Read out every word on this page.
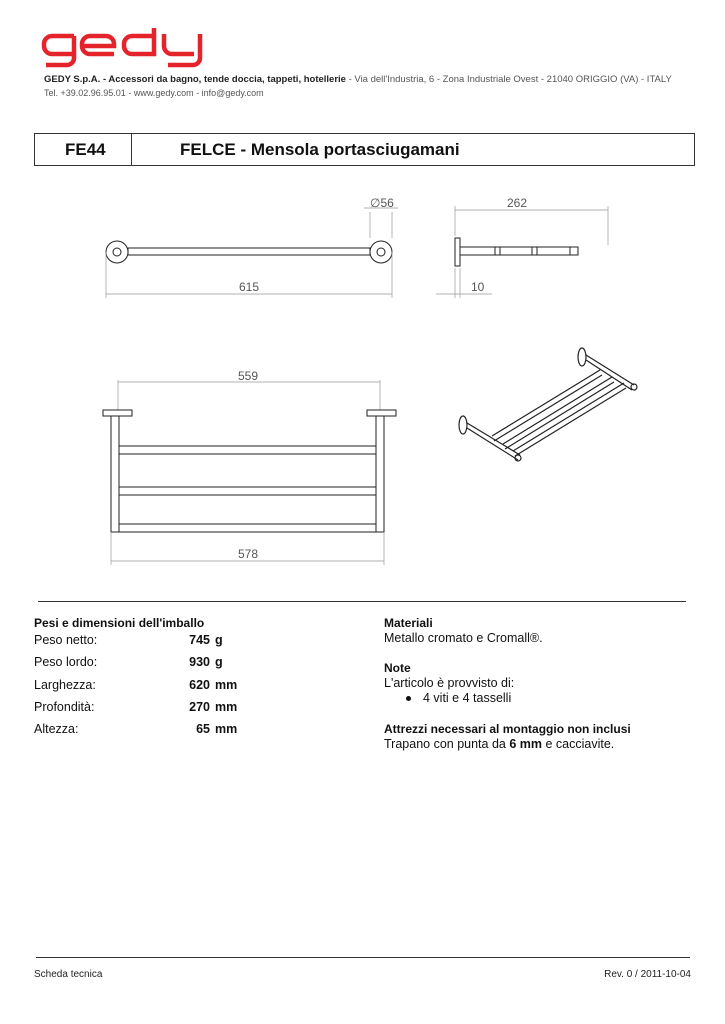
GEDY S.p.A. - Accessori da bagno, tende doccia, tappeti, hotellerie - Via dell'Industria, 6 - Zona Industriale Ovest - 21040 ORIGGIO (VA) - ITALY
Tel. +39.02.96.95.01 - www.gedy.com - info@gedy.com
FE44	FELCE - Mensola portasciugamani
∅56
615
262
10
559
578
Pesi e dimensioni dell'imballo
Peso netto:	745 g
Peso lordo:	930 g
Larghezza:	620 mm
Profondità:	270 mm
Altezza:	65 mm
Materiali
Metallo cromato e Cromall®.
Note
L'articolo è provvisto di:
4 viti e 4 tasselli
Attrezzi necessari al montaggio non inclusi
Trapano con punta da 6 mm e cacciavite.
Scheda tecnica	Rev. 0 / 2011-10-04
